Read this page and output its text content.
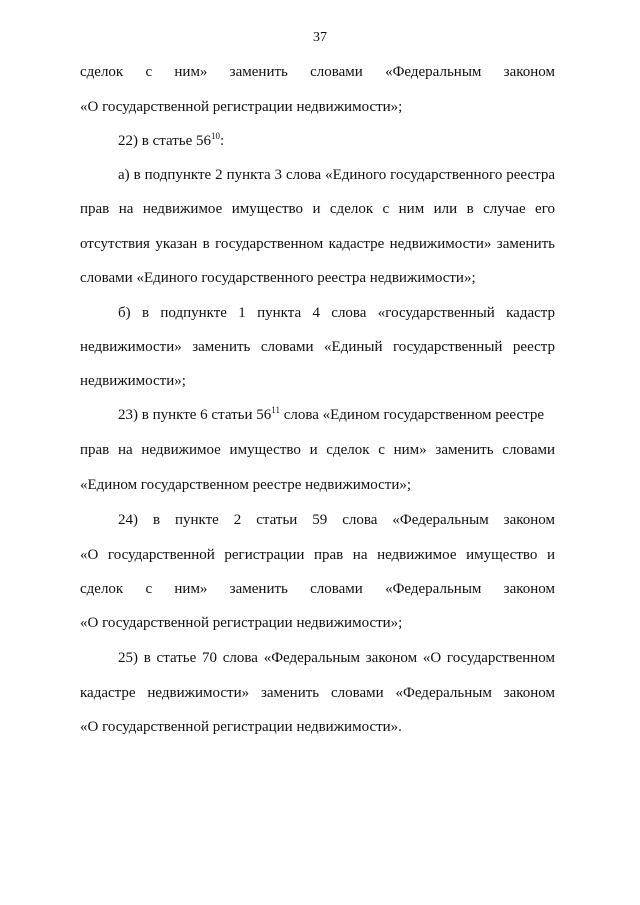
37
сделок с ним» заменить словами «Федеральным законом
«О государственной регистрации недвижимости»;
22) в статье $56^{10}$:
а) в подпункте 2 пункта 3 слова «Единого государственного реестра
прав на недвижимое имущество и сделок с ним или в случае его
отсутствия указан в государственном кадастре недвижимости» заменить
словами «Единого государственного реестра недвижимости»;
б) в подпункте 1 пункта 4 слова «государственный кадастр
недвижимости» заменить словами «Единый государственный реестр
недвижимости»;
23) в пункте 6 статьи $56^{11}$ слова «Едином государственном реестре
прав на недвижимое имущество и сделок с ним» заменить словами
«Едином государственном реестре недвижимости»;
24) в пункте 2 статьи 59 слова «Федеральным законом
«О государственной регистрации прав на недвижимое имущество и
сделок с ним» заменить словами «Федеральным законом
«О государственной регистрации недвижимости»;
25) в статье 70 слова «Федеральным законом «О государственном
кадастре недвижимости» заменить словами «Федеральным законом
«О государственной регистрации недвижимости».
